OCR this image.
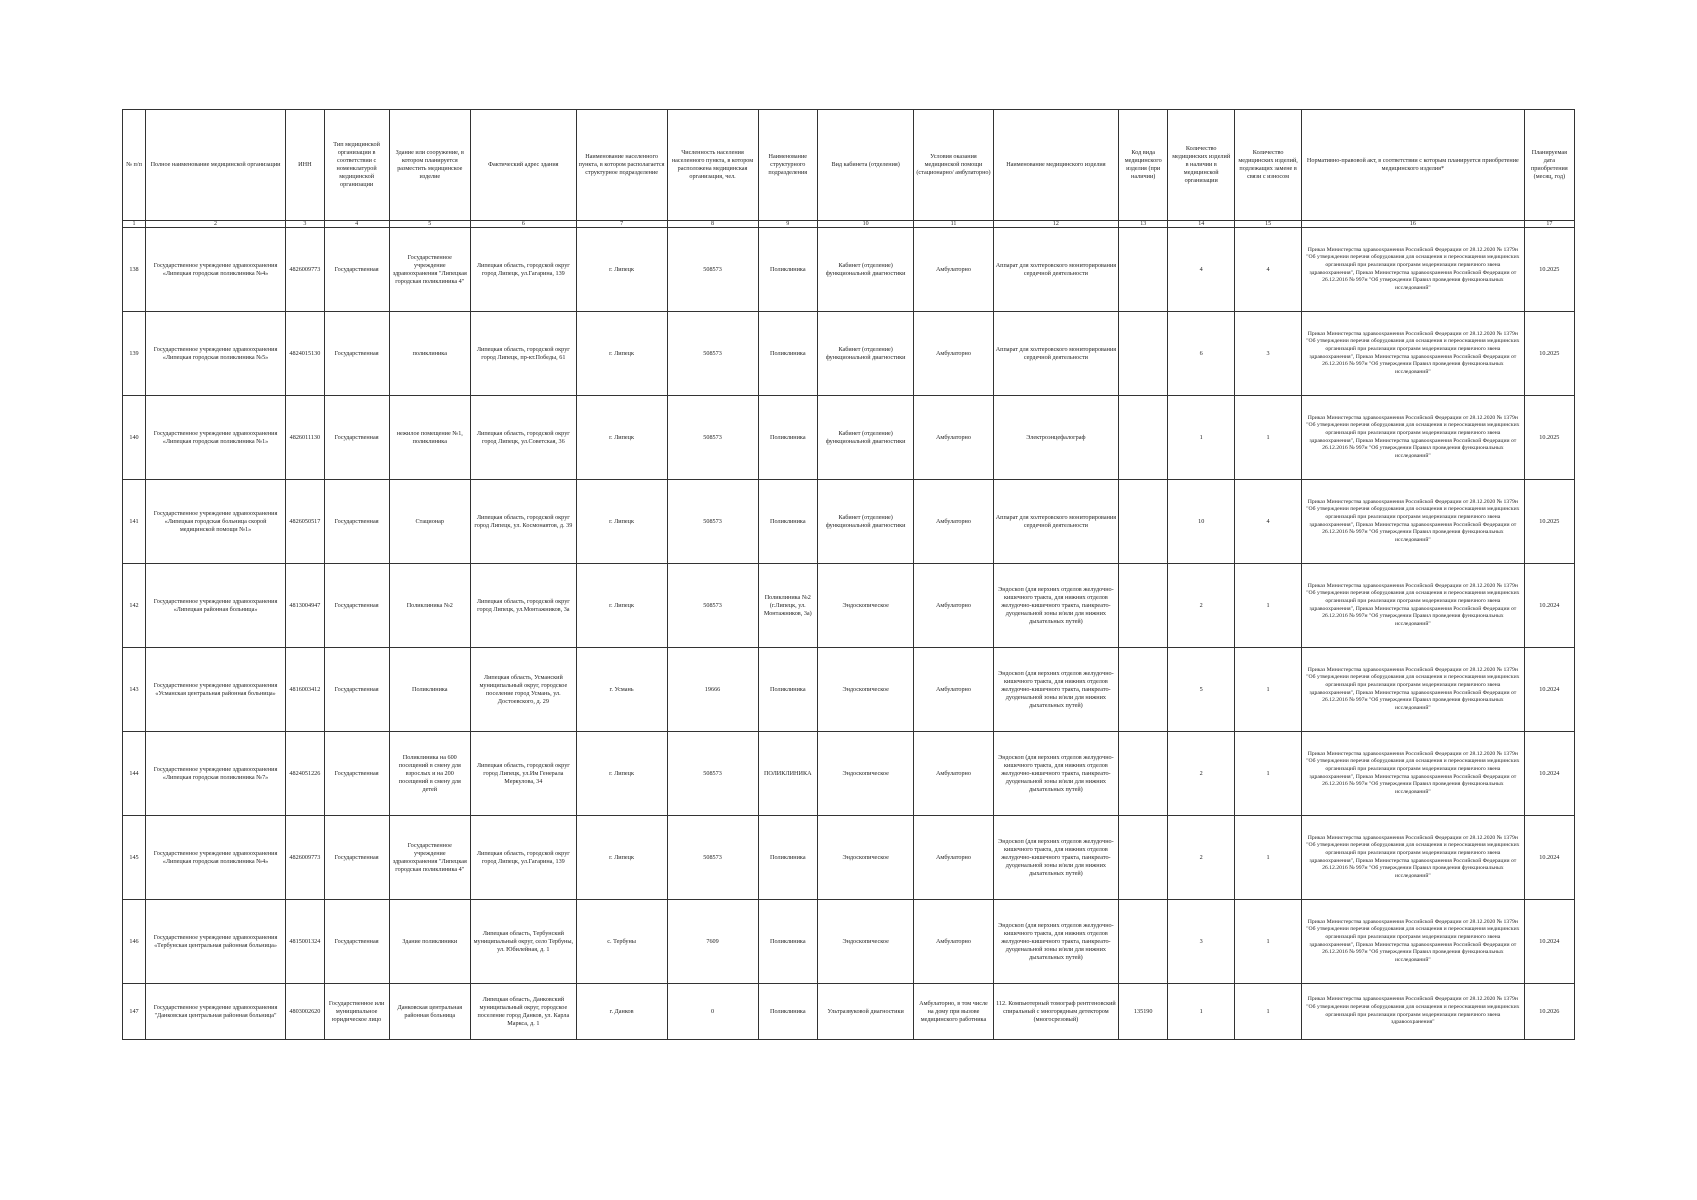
№ п/п	Полное наименование медицинской организации	ИНН	Тип медицинской организации в соответствии с номенклатурой медицинской организации	Здание или сооружение, в котором планируется разместить медицинское изделие	Фактический адрес здания	Наименование населенного пункта, в котором располагается структурное подразделение	Численность населения населенного пункта, в котором расположена медицинская организация, чел.	Наименование структурного подразделения	Вид кабинета (отделения)	Условия оказания медицинской помощи (стационарно/ амбулаторно)	Наименование медицинского изделия	Код вида медицинского изделия (при наличии)	Количество медицинских изделий в наличии в медицинской организации	Количество медицинских изделий, подлежащих замене в связи с износом	Нормативно-правовой акт, в соответствии с которым планируется приобретение медицинского изделия*	Планируемая дата приобретения (месяц, год)
1	2	3	4	5	6	7	8	9	10	11	12	13	14	15	16	17
138	Государственное учреждение здравоохранения «Липецкая городская поликлиника №4»	4826009773	Государственная	Государственное учреждение здравоохранения "Липецкая городская поликлиника 4"	Липецкая область, городской округ город Липецк, ул.Гагарина, 139	г. Липецк	508573	Поликлиника	Кабинет (отделение) функциональной диагностики	Амбулаторно	Аппарат для холтеровского мониторирования сердечной деятельности		4	4	Приказ Министерства здравоохранения Российской Федерации от 28.12.2020 № 1379н "Об утверждении перечня оборудования для оснащения и переоснащения медицинских организаций при реализации программ модернизации первичного звена здравоохранения", Приказ Министерства здравоохранения Российской Федерации от 26.12.2016 № 997н "Об утверждении Правил проведения функциональных исследований"	10.2025
139	Государственное учреждение здравоохранения «Липецкая городская поликлиника №5»	4824015130	Государственная	поликлиника	Липецкая область, городской округ город Липецк, пр-кт.Победы, 61	г. Липецк	508573	Поликлиника	Кабинет (отделение) функциональной диагностики	Амбулаторно	Аппарат для холтеровского мониторирования сердечной деятельности		6	3	Приказ Министерства здравоохранения Российской Федерации от 28.12.2020 № 1379н "Об утверждении перечня оборудования для оснащения и переоснащения медицинских организаций при реализации программ модернизации первичного звена здравоохранения", Приказ Министерства здравоохранения Российской Федерации от 26.12.2016 № 997н "Об утверждении Правил проведения функциональных исследований"	10.2025
140	Государственное учреждение здравоохранения «Липецкая городская поликлиника №1»	4826011130	Государственная	нежилое помещение №1, поликлиника	Липецкая область, городской округ город Липецк, ул.Советская, 36	г. Липецк	508573	Поликлиника	Кабинет (отделение) функциональной диагностики	Амбулаторно	Электроэнцефалограф		1	1	Приказ Министерства здравоохранения Российской Федерации от 28.12.2020 № 1379н "Об утверждении перечня оборудования для оснащения и переоснащения медицинских организаций при реализации программ модернизации первичного звена здравоохранения", Приказ Министерства здравоохранения Российской Федерации от 26.12.2016 № 997н "Об утверждении Правил проведения функциональных исследований"	10.2025
141	Государственное учреждение здравоохранения «Липецкая городская больница скорой медицинской помощи №1»	4826050517	Государственная	Стационар	Липецкая область, городской округ город Липецк, ул. Космонавтов, д. 39	г. Липецк	508573	Поликлиника	Кабинет (отделение) функциональной диагностики	Амбулаторно	Аппарат для холтеровского мониторирования сердечной деятельности		10	4	Приказ Министерства здравоохранения Российской Федерации от 28.12.2020 № 1379н "Об утверждении перечня оборудования для оснащения и переоснащения медицинских организаций при реализации программ модернизации первичного звена здравоохранения", Приказ Министерства здравоохранения Российской Федерации от 26.12.2016 № 997н "Об утверждении Правил проведения функциональных исследований"	10.2025
142	Государственное учреждение здравоохранения «Липецкая районная больница»	4813004947	Государственная	Поликлиника №2	Липецкая область, городской округ город Липецк, ул.Монтажников, 3а	г. Липецк	508573	Поликлиника №2 (г.Липецк, ул. Монтажников, 3а)	Эндоскопическое	Амбулаторно	Эндоскоп (для верхних отделов желудочно-кишечного тракта, для нижних отделов желудочно-кишечного тракта, панкреато-дуоденальной зоны и/или для нижних дыхательных путей)		2	1	Приказ Министерства здравоохранения Российской Федерации от 28.12.2020 № 1379н "Об утверждении перечня оборудования для оснащения и переоснащения медицинских организаций при реализации программ модернизации первичного звена здравоохранения", Приказ Министерства здравоохранения Российской Федерации от 26.12.2016 № 997н "Об утверждении Правил проведения функциональных исследований"	10.2024
143	Государственное учреждение здравоохранения «Усманская центральная районная больница»	4816003412	Государственная	Поликлиника	Липецкая область, Усманский муниципальный округ, городское поселение город Усмань, ул. Достоевского, д. 29	г. Усмань	19666	Поликлиника	Эндоскопическое	Амбулаторно	Эндоскоп (для верхних отделов желудочно-кишечного тракта, для нижних отделов желудочно-кишечного тракта, панкреато-дуоденальной зоны и/или для нижних дыхательных путей)		5	1	Приказ Министерства здравоохранения Российской Федерации от 28.12.2020 № 1379н "Об утверждении перечня оборудования для оснащения и переоснащения медицинских организаций при реализации программ модернизации первичного звена здравоохранения", Приказ Министерства здравоохранения Российской Федерации от 26.12.2016 № 997н "Об утверждении Правил проведения функциональных исследований"	10.2024
144	Государственное учреждение здравоохранения «Липецкая городская поликлиника №7»	4824051226	Государственная	Поликлиника на 600 посещений в смену для взрослых и на 200 посещений в смену для детей	Липецкая область, городской округ город Липецк, ул.Им Генерала Меркулова, 34	г. Липецк	508573	ПОЛИКЛИНИКА	Эндоскопическое	Амбулаторно	Эндоскоп (для верхних отделов желудочно-кишечного тракта, для нижних отделов желудочно-кишечного тракта, панкреато-дуоденальной зоны и/или для нижних дыхательных путей)		2	1	Приказ Министерства здравоохранения Российской Федерации от 28.12.2020 № 1379н "Об утверждении перечня оборудования для оснащения и переоснащения медицинских организаций при реализации программ модернизации первичного звена здравоохранения", Приказ Министерства здравоохранения Российской Федерации от 26.12.2016 № 997н "Об утверждении Правил проведения функциональных исследований"	10.2024
145	Государственное учреждение здравоохранения «Липецкая городская поликлиника №4»	4826009773	Государственная	Государственное учреждение здравоохранения "Липецкая городская поликлиника 4"	Липецкая область, городской округ город Липецк, ул.Гагарина, 139	г. Липецк	508573	Поликлиника	Эндоскопическое	Амбулаторно	Эндоскоп (для верхних отделов желудочно-кишечного тракта, для нижних отделов желудочно-кишечного тракта, панкреато-дуоденальной зоны и/или для нижних дыхательных путей)		2	1	Приказ Министерства здравоохранения Российской Федерации от 28.12.2020 № 1379н "Об утверждении перечня оборудования для оснащения и переоснащения медицинских организаций при реализации программ модернизации первичного звена здравоохранения", Приказ Министерства здравоохранения Российской Федерации от 26.12.2016 № 997н "Об утверждении Правил проведения функциональных исследований"	10.2024
146	Государственное учреждение здравоохранения «Тербунская центральная районная больница»	4815001324	Государственная	Здание поликлиники	Липецкая область, Тербунский муниципальный округ, село Тербуны, ул. Юбилейная, д. 1	с. Тербуны	7609	Поликлиника	Эндоскопическое	Амбулаторно	Эндоскоп (для верхних отделов желудочно-кишечного тракта, для нижних отделов желудочно-кишечного тракта, панкреато-дуоденальной зоны и/или для нижних дыхательных путей)		3	1	Приказ Министерства здравоохранения Российской Федерации от 28.12.2020 № 1379н "Об утверждении перечня оборудования для оснащения и переоснащения медицинских организаций при реализации программ модернизации первичного звена здравоохранения", Приказ Министерства здравоохранения Российской Федерации от 26.12.2016 № 997н "Об утверждении Правил проведения функциональных исследований"	10.2024
147	Государственное учреждение здравоохранения "Данковская центральная районная больница"	4803002620	Государственное или муниципальное юридическое лицо	Данковская центральная районная больница	Липецкая область, Данковский муниципальный округ, городское поселение город Данков, ул. Карла Маркса, д. 1	г. Данков	0	Поликлиника	Ультразвуковой диагностики	Амбулаторно, в том числе на дому при вызове медицинского работника	112. Компьютерный томограф рентгеновский спиральный с многорядным детектором (многосрезовый)	135190	1	1	Приказ Министерства здравоохранения Российской Федерации от 28.12.2020 № 1379н "Об утверждении перечня оборудования для оснащения и переоснащения медицинских организаций при реализации программ модернизации первичного звена здравоохранения"	10.2026
